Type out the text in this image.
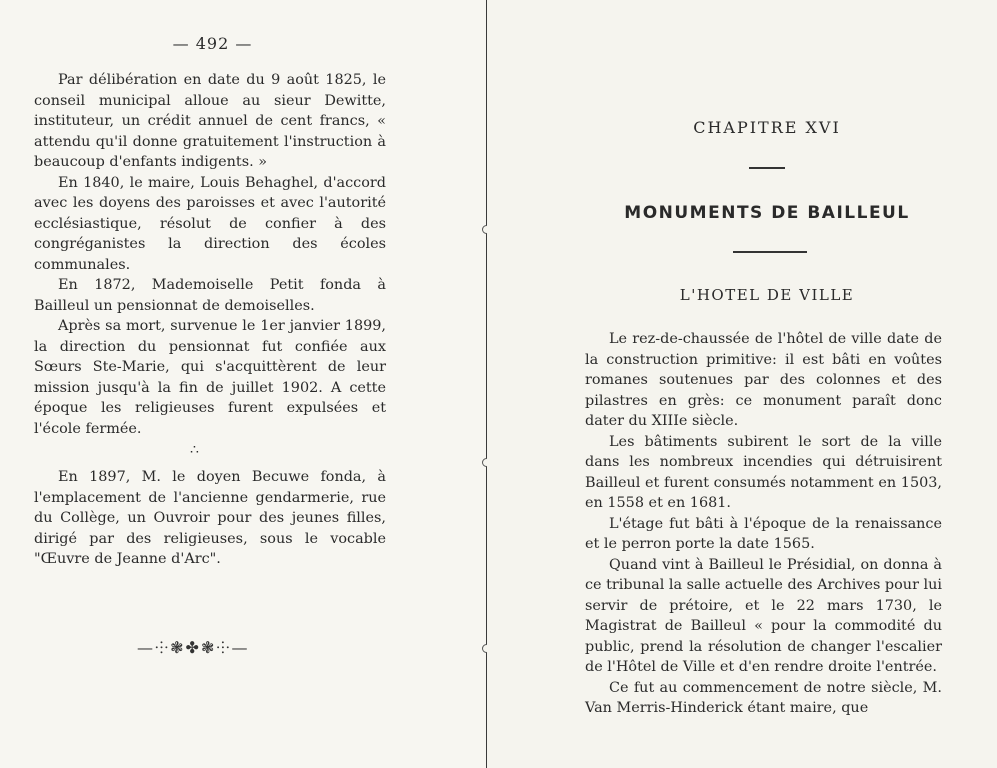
— 492 —

Par délibération en date du 9 août 1825, le conseil municipal alloue au sieur Dewitte, instituteur, un crédit annuel de cent francs, « attendu qu'il donne gratuitement l'instruction à beaucoup d'enfants indigents. »

En 1840, le maire, Louis Behaghel, d'accord avec les doyens des paroisses et avec l'autorité ecclésiastique, résolut de confier à des congréganistes la direction des écoles communales.

En 1872, Mademoiselle Petit fonda à Bailleul un pensionnat de demoiselles.

Après sa mort, survenue le 1er janvier 1899, la direction du pensionnat fut confiée aux Sœurs Ste-Marie, qui s'acquittèrent de leur mission jusqu'à la fin de juillet 1902. A cette époque les religieuses furent expulsées et l'école fermée.

∴

En 1897, M. le doyen Becuwe fonda, à l'emplacement de l'ancienne gendarmerie, rue du Collège, un Ouvroir pour des jeunes filles, dirigé par des religieuses, sous le vocable "Œuvre de Jeanne d'Arc".

—⸭❃✤❃⸭—
CHAPITRE XVI
MONUMENTS DE BAILLEUL
L'HOTEL DE VILLE

Le rez-de-chaussée de l'hôtel de ville date de la construction primitive: il est bâti en voûtes romanes soutenues par des colonnes et des pilastres en grès: ce monument paraît donc dater du XIIIe siècle.

Les bâtiments subirent le sort de la ville dans les nombreux incendies qui détruisirent Bailleul et furent consumés notamment en 1503, en 1558 et en 1681.

L'étage fut bâti à l'époque de la renaissance et le perron porte la date 1565.

Quand vint à Bailleul le Présidial, on donna à ce tribunal la salle actuelle des Archives pour lui servir de prétoire, et le 22 mars 1730, le Magistrat de Bailleul « pour la commodité du public, prend la résolution de changer l'escalier de l'Hôtel de Ville et d'en rendre droite l'entrée.

Ce fut au commencement de notre siècle, M. Van Merris-Hinderick étant maire, que
